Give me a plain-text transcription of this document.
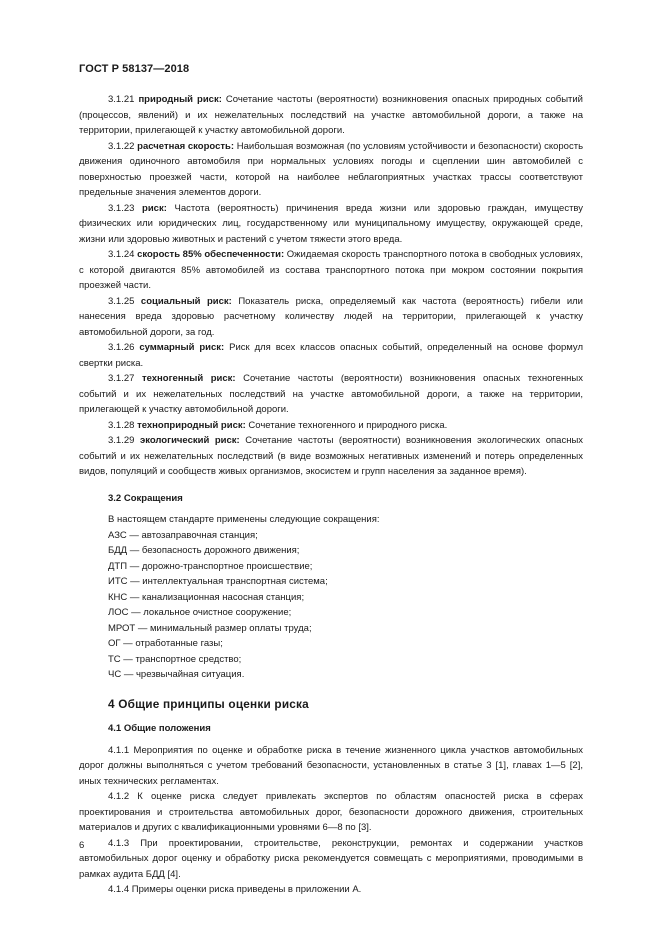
ГОСТ Р 58137—2018

3.1.21 природный риск: Сочетание частоты (вероятности) возникновения опасных природных событий (процессов, явлений) и их нежелательных последствий на участке автомобильной дороги, а также на территории, прилегающей к участку автомобильной дороги.

3.1.22 расчетная скорость: Наибольшая возможная (по условиям устойчивости и безопасности) скорость движения одиночного автомобиля при нормальных условиях погоды и сцеплении шин автомобилей с поверхностью проезжей части, которой на наиболее неблагоприятных участках трассы соответствуют предельные значения элементов дороги.

3.1.23 риск: Частота (вероятность) причинения вреда жизни или здоровью граждан, имуществу физических или юридических лиц, государственному или муниципальному имуществу, окружающей среде, жизни или здоровью животных и растений с учетом тяжести этого вреда.

3.1.24 скорость 85% обеспеченности: Ожидаемая скорость транспортного потока в свободных условиях, с которой двигаются 85% автомобилей из состава транспортного потока при мокром состоянии покрытия проезжей части.

3.1.25 социальный риск: Показатель риска, определяемый как частота (вероятность) гибели или нанесения вреда здоровью расчетному количеству людей на территории, прилегающей к участку автомобильной дороги, за год.

3.1.26 суммарный риск: Риск для всех классов опасных событий, определенный на основе формул свертки риска.

3.1.27 техногенный риск: Сочетание частоты (вероятности) возникновения опасных техногенных событий и их нежелательных последствий на участке автомобильной дороги, а также на территории, прилегающей к участку автомобильной дороги.

3.1.28 техноприродный риск: Сочетание техногенного и природного риска.

3.1.29 экологический риск: Сочетание частоты (вероятности) возникновения экологических опасных событий и их нежелательных последствий (в виде возможных негативных изменений и потерь определенных видов, популяций и сообществ живых организмов, экосистем и групп населения за заданное время).

3.2 Сокращения

В настоящем стандарте применены следующие сокращения:

АЗС — автозаправочная станция;
БДД — безопасность дорожного движения;
ДТП — дорожно-транспортное происшествие;
ИТС — интеллектуальная транспортная система;
КНС — канализационная насосная станция;
ЛОС — локальное очистное сооружение;
МРОТ — минимальный размер оплаты труда;
ОГ — отработанные газы;
ТС — транспортное средство;
ЧС — чрезвычайная ситуация.

4 Общие принципы оценки риска

4.1 Общие положения

4.1.1 Мероприятия по оценке и обработке риска в течение жизненного цикла участков автомобильных дорог должны выполняться с учетом требований безопасности, установленных в статье 3 [1], главах 1—5 [2], иных технических регламентах.

4.1.2 К оценке риска следует привлекать экспертов по областям опасностей риска в сферах проектирования и строительства автомобильных дорог, безопасности дорожного движения, строительных материалов и других с квалификационными уровнями 6—8 по [3].

4.1.3 При проектировании, строительстве, реконструкции, ремонтах и содержании участков автомобильных дорог оценку и обработку риска рекомендуется совмещать с мероприятиями, проводимыми в рамках аудита БДД [4].

4.1.4 Примеры оценки риска приведены в приложении А.

6
